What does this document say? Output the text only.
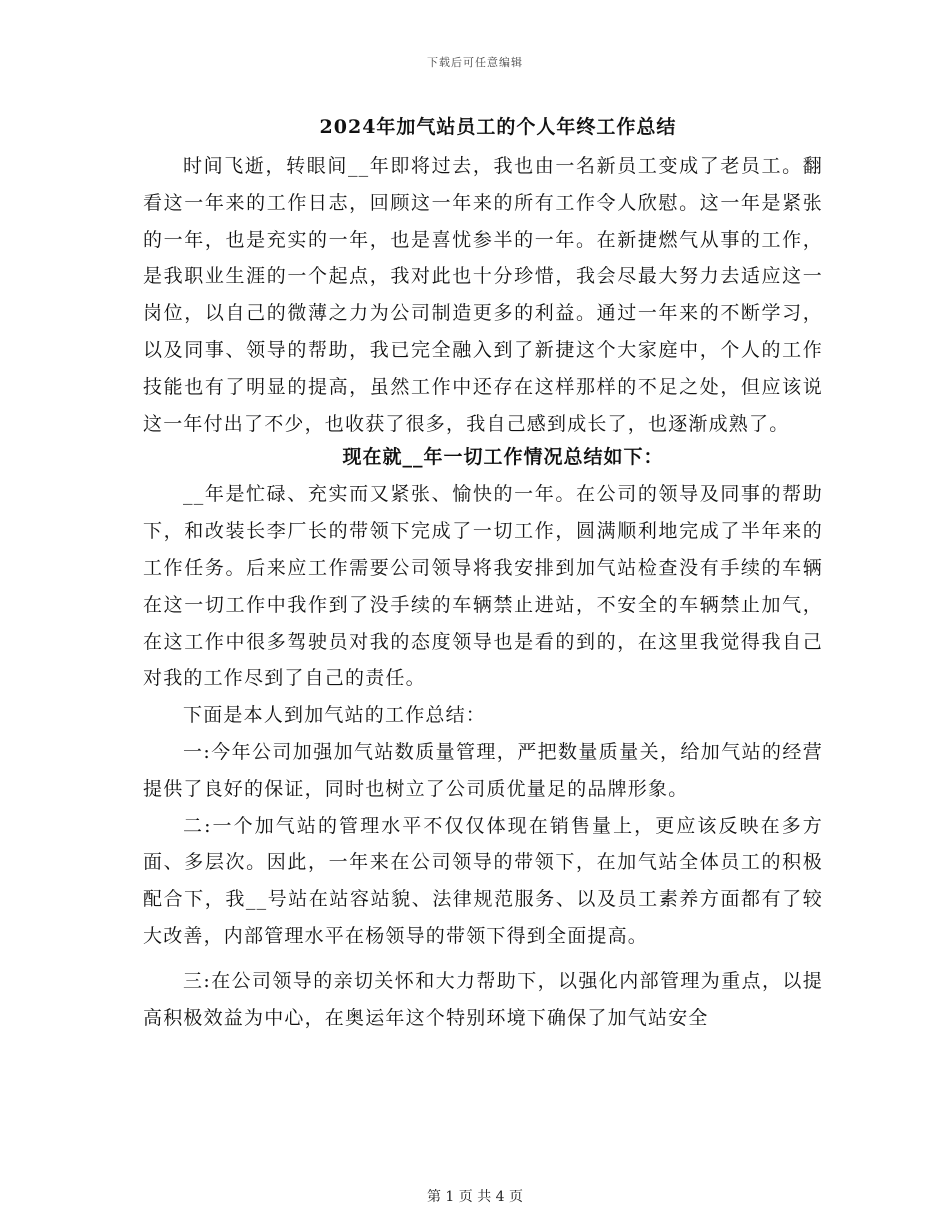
下载后可任意编辑
2024年加气站员工的个人年终工作总结

时间飞逝，转眼间__年即将过去，我也由一名新员工变成了老员工。翻看这一年来的工作日志，回顾这一年来的所有工作令人欣慰。这一年是紧张的一年，也是充实的一年，也是喜忧参半的一年。在新捷燃气从事的工作，是我职业生涯的一个起点，我对此也十分珍惜，我会尽最大努力去适应这一岗位，以自己的微薄之力为公司制造更多的利益。通过一年来的不断学习，以及同事、领导的帮助，我已完全融入到了新捷这个大家庭中，个人的工作技能也有了明显的提高，虽然工作中还存在这样那样的不足之处，但应该说这一年付出了不少，也收获了很多，我自己感到成长了，也逐渐成熟了。

现在就__年一切工作情况总结如下：

__年是忙碌、充实而又紧张、愉快的一年。在公司的领导及同事的帮助下，和改装长李厂长的带领下完成了一切工作，圆满顺利地完成了半年来的工作任务。后来应工作需要公司领导将我安排到加气站检查没有手续的车辆在这一切工作中我作到了没手续的车辆禁止进站，不安全的车辆禁止加气，在这工作中很多驾驶员对我的态度领导也是看的到的，在这里我觉得我自己对我的工作尽到了自己的责任。

下面是本人到加气站的工作总结：

一:今年公司加强加气站数质量管理，严把数量质量关，给加气站的经营提供了良好的保证，同时也树立了公司质优量足的品牌形象。

二:一个加气站的管理水平不仅仅体现在销售量上，更应该反映在多方面、多层次。因此，一年来在公司领导的带领下，在加气站全体员工的积极配合下，我__号站在站容站貌、法律规范服务、以及员工素养方面都有了较大改善，内部管理水平在杨领导的带领下得到全面提高。

三:在公司领导的亲切关怀和大力帮助下，以强化内部管理为重点，以提高积极效益为中心，在奥运年这个特别环境下确保了加气站安全

第 1 页 共 4 页
